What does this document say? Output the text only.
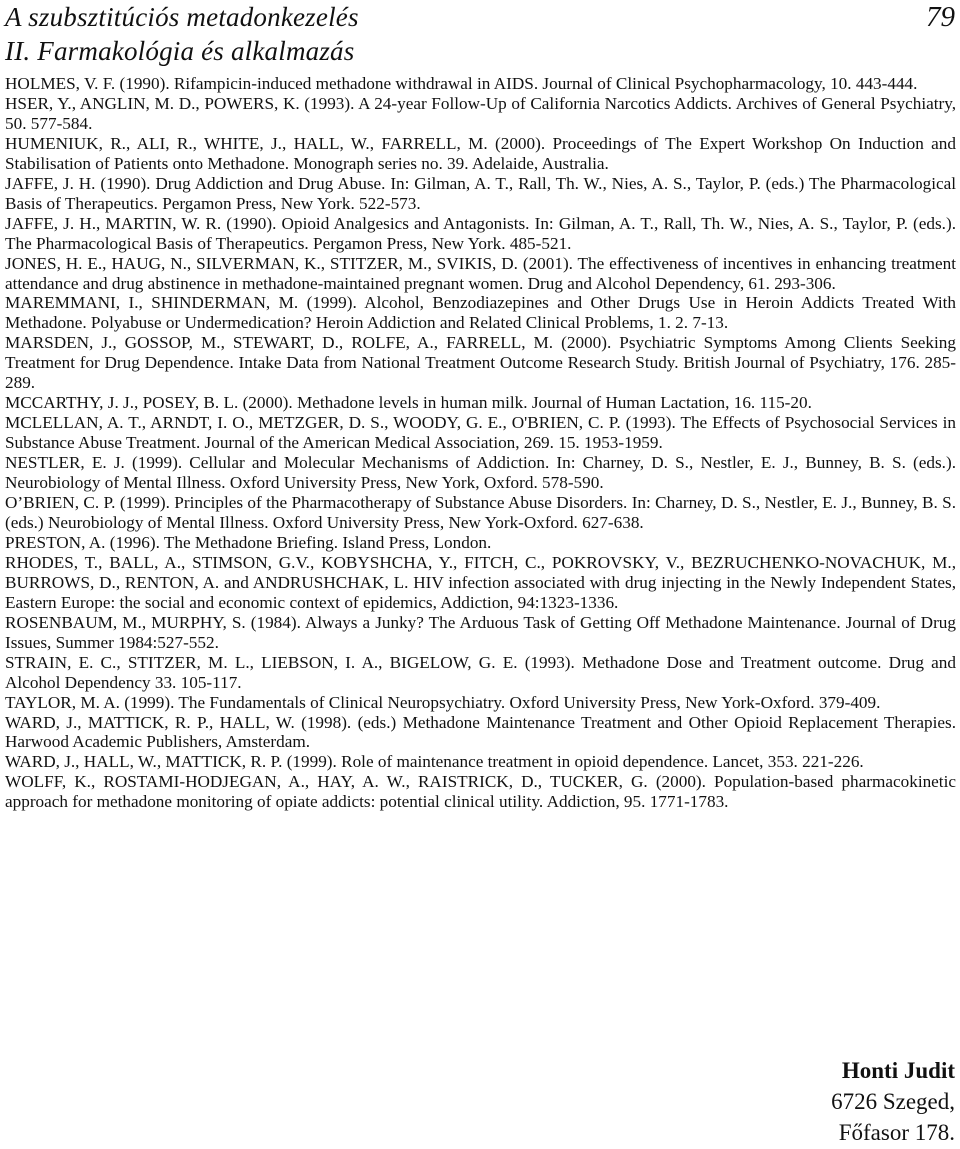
A szubsztitúciós metadonkezelés
II. Farmakológia és alkalmazás
79
HOLMES, V. F. (1990). Rifampicin-induced methadone withdrawal in AIDS. Journal of Clinical Psychopharmacology, 10. 443-444.
HSER, Y., ANGLIN, M. D., POWERS, K. (1993). A 24-year Follow-Up of California Narcotics Addicts. Archives of General Psychiatry, 50. 577-584.
HUMENIUK, R., ALI, R., WHITE, J., HALL, W., FARRELL, M. (2000). Proceedings of The Expert Workshop On Induction and Stabilisation of Patients onto Methadone. Monograph series no. 39. Adelaide, Australia.
JAFFE, J. H. (1990). Drug Addiction and Drug Abuse. In: Gilman, A. T., Rall, Th. W., Nies, A. S., Taylor, P. (eds.) The Pharmacological Basis of Therapeutics. Pergamon Press, New York. 522-573.
JAFFE, J. H., MARTIN, W. R. (1990). Opioid Analgesics and Antagonists. In: Gilman, A. T., Rall, Th. W., Nies, A. S., Taylor, P. (eds.). The Pharmacological Basis of Therapeutics. Pergamon Press, New York. 485-521.
JONES, H. E., HAUG, N., SILVERMAN, K., STITZER, M., SVIKIS, D. (2001). The effectiveness of incentives in enhancing treatment attendance and drug abstinence in methadone-maintained pregnant women. Drug and Alcohol Dependency, 61. 293-306.
MAREMMANI, I., SHINDERMAN, M. (1999). Alcohol, Benzodiazepines and Other Drugs Use in Heroin Addicts Treated With Methadone. Polyabuse or Undermedication? Heroin Addiction and Related Clinical Problems, 1. 2. 7-13.
MARSDEN, J., GOSSOP, M., STEWART, D., ROLFE, A., FARRELL, M. (2000). Psychiatric Symptoms Among Clients Seeking Treatment for Drug Dependence. Intake Data from National Treatment Outcome Research Study. British Journal of Psychiatry, 176. 285-289.
MCCARTHY, J. J., POSEY, B. L. (2000). Methadone levels in human milk. Journal of Human Lactation, 16. 115-20.
MCLELLAN, A. T., ARNDT, I. O., METZGER, D. S., WOODY, G. E., O'BRIEN, C. P. (1993). The Effects of Psychosocial Services in Substance Abuse Treatment. Journal of the American Medical Association, 269. 15. 1953-1959.
NESTLER, E. J. (1999). Cellular and Molecular Mechanisms of Addiction. In: Charney, D. S., Nestler, E. J., Bunney, B. S. (eds.). Neurobiology of Mental Illness. Oxford University Press, New York, Oxford. 578-590.
O’BRIEN, C. P. (1999). Principles of the Pharmacotherapy of Substance Abuse Disorders. In: Charney, D. S., Nestler, E. J., Bunney, B. S. (eds.) Neurobiology of Mental Illness. Oxford University Press, New York-Oxford. 627-638.
PRESTON, A. (1996). The Methadone Briefing. Island Press, London.
RHODES, T., BALL, A., STIMSON, G.V., KOBYSHCHA, Y., FITCH, C., POKROVSKY, V., BEZRUCHENKO-NOVACHUK, M., BURROWS, D., RENTON, A. and ANDRUSHCHAK, L. HIV infection associated with drug injecting in the Newly Independent States, Eastern Europe: the social and economic context of epidemics, Addiction, 94:1323-1336.
ROSENBAUM, M., MURPHY, S. (1984). Always a Junky? The Arduous Task of Getting Off Methadone Maintenance. Journal of Drug Issues, Summer 1984:527-552.
STRAIN, E. C., STITZER, M. L., LIEBSON, I. A., BIGELOW, G. E. (1993). Methadone Dose and Treatment outcome. Drug and Alcohol Dependency 33. 105-117.
TAYLOR, M. A. (1999). The Fundamentals of Clinical Neuropsychiatry. Oxford University Press, New York-Oxford. 379-409.
WARD, J., MATTICK, R. P., HALL, W. (1998). (eds.) Methadone Maintenance Treatment and Other Opioid Replacement Therapies. Harwood Academic Publishers, Amsterdam.
WARD, J., HALL, W., MATTICK, R. P. (1999). Role of maintenance treatment in opioid dependence. Lancet, 353. 221-226.
WOLFF, K., ROSTAMI-HODJEGAN, A., HAY, A. W., RAISTRICK, D., TUCKER, G. (2000). Population-based pharmacokinetic approach for methadone monitoring of opiate addicts: potential clinical utility. Addiction, 95. 1771-1783.
Honti Judit
6726 Szeged,
Főfasor 178.
